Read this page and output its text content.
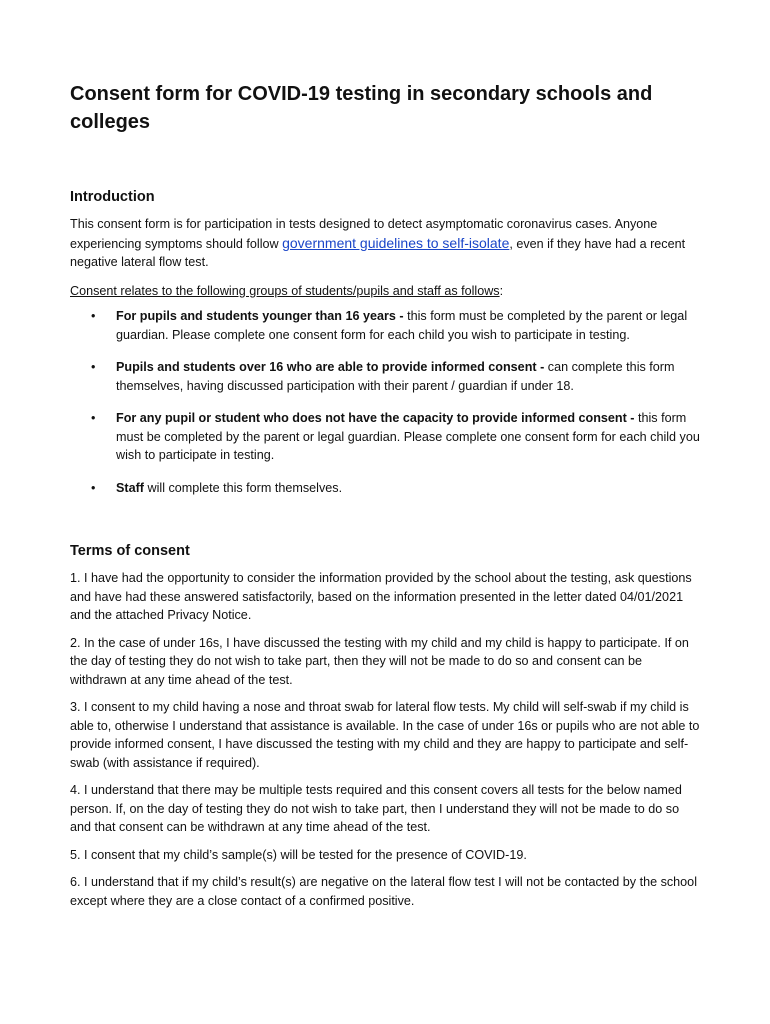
Consent form for COVID-19 testing in secondary schools and colleges
Introduction

This consent form is for participation in tests designed to detect asymptomatic coronavirus cases. Anyone experiencing symptoms should follow government guidelines to self-isolate, even if they have had a recent negative lateral flow test.

Consent relates to the following groups of students/pupils and staff as follows:

• For pupils and students younger than 16 years - this form must be completed by the parent or legal guardian. Please complete one consent form for each child you wish to participate in testing.
• Pupils and students over 16 who are able to provide informed consent - can complete this form themselves, having discussed participation with their parent / guardian if under 18.
• For any pupil or student who does not have the capacity to provide informed consent - this form must be completed by the parent or legal guardian. Please complete one consent form for each child you wish to participate in testing.
• Staff will complete this form themselves.
Terms of consent

1. I have had the opportunity to consider the information provided by the school about the testing, ask questions and have had these answered satisfactorily, based on the information presented in the letter dated 04/01/2021 and the attached Privacy Notice.

2. In the case of under 16s, I have discussed the testing with my child and my child is happy to participate. If on the day of testing they do not wish to take part, then they will not be made to do so and consent can be withdrawn at any time ahead of the test.

3. I consent to my child having a nose and throat swab for lateral flow tests. My child will self-swab if my child is able to, otherwise I understand that assistance is available. In the case of under 16s or pupils who are not able to provide informed consent, I have discussed the testing with my child and they are happy to participate and self-swab (with assistance if required).

4. I understand that there may be multiple tests required and this consent covers all tests for the below named person. If, on the day of testing they do not wish to take part, then I understand they will not be made to do so and that consent can be withdrawn at any time ahead of the test.

5. I consent that my child’s sample(s) will be tested for the presence of COVID-19.

6. I understand that if my child’s result(s) are negative on the lateral flow test I will not be contacted by the school except where they are a close contact of a confirmed positive.
